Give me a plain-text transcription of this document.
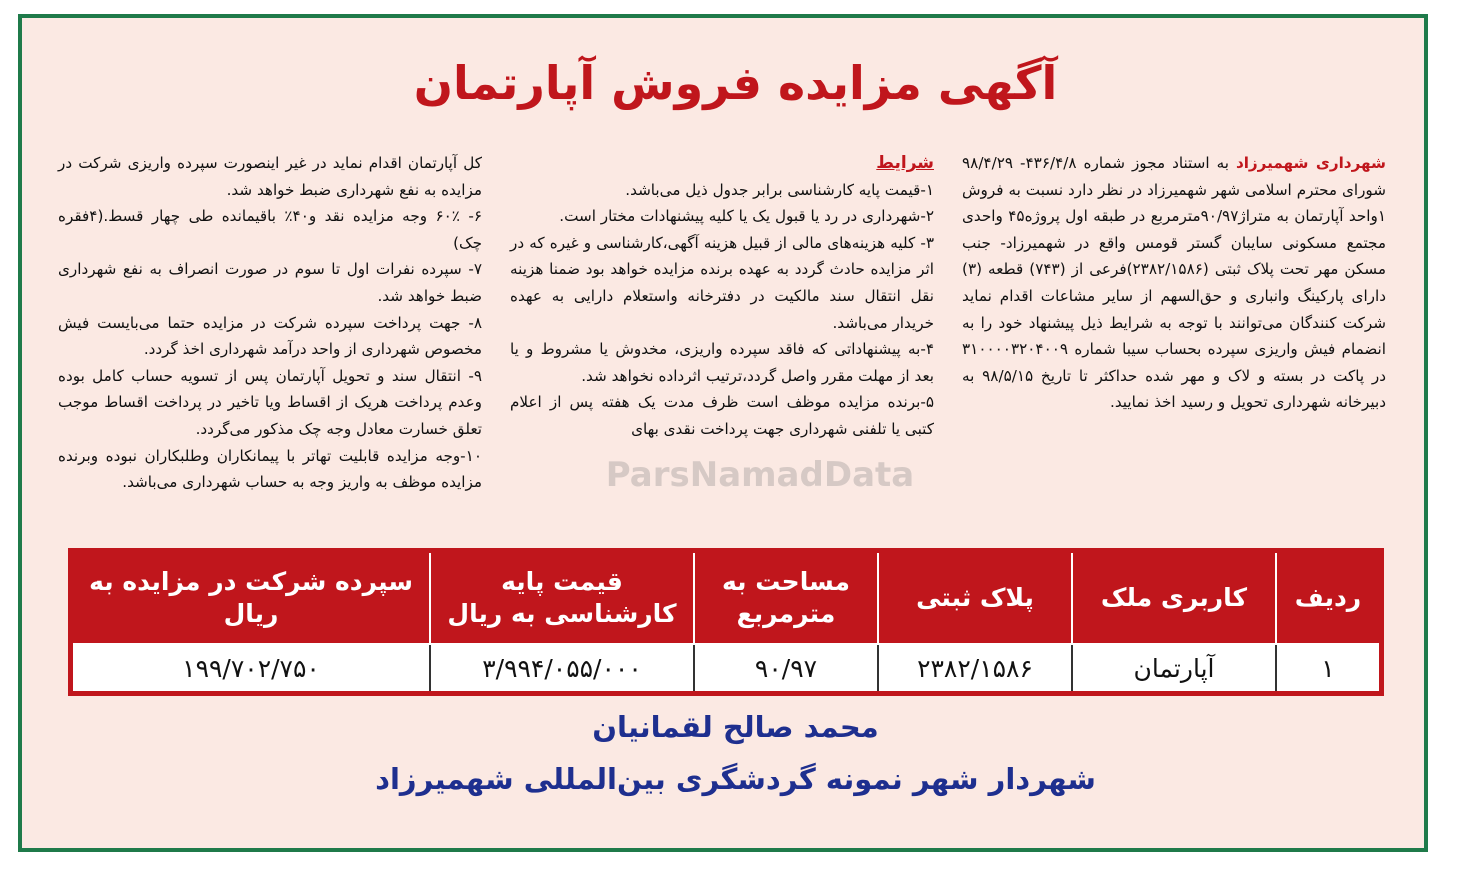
آگهی مزایده فروش آپارتمان

شهرداری شهمیرزاد به استناد مجوز شماره ۴۳۶/۴/۸- ۹۸/۴/۲۹ شورای محترم اسلامی شهر شهمیرزاد در نظر دارد نسبت به فروش ۱واحد آپارتمان به متراژ۹۰/۹۷مترمربع در طبقه اول پروژه۴۵ واحدی مجتمع مسکونی سایبان گستر قومس واقع در شهمیرزاد- جنب مسکن مهر تحت پلاک ثبتی (۲۳۸۲/۱۵۸۶)فرعی از (۷۴۳) قطعه (۳) دارای پارکینگ وانباری و حق‌السهم از سایر مشاعات اقدام نماید شرکت کنندگان می‌توانند با توجه به شرایط ذیل پیشنهاد خود را به انضمام فیش واریزی سپرده بحساب سیبا شماره ۳۱۰۰۰۰۳۲۰۴۰۰۹ در پاکت در بسته و لاک و مهر شده حداکثر تا تاریخ ۹۸/۵/۱۵ به دبیرخانه شهرداری تحویل و رسید اخذ نمایید.

شرایط

۱-قیمت پایه کارشناسی برابر جدول ذیل می‌باشد.

۲-شهرداری در رد یا قبول یک یا کلیه پیشنهادات مختار است.

۳- کلیه هزینه‌های مالی از قبیل هزینه آگهی،کارشناسی و غیره که در اثر مزایده حادث گردد به عهده برنده مزایده خواهد بود ضمنا هزینه نقل انتقال سند مالکیت در دفترخانه واستعلام دارایی به عهده خریدار می‌باشد.

۴-به پیشنهاداتی که فاقد سپرده واریزی، مخدوش یا مشروط و یا بعد از مهلت مقرر واصل گردد،ترتیب اثرداده نخواهد شد.

۵-برنده مزایده موظف است ظرف مدت یک هفته پس از اعلام کتبی یا تلفنی شهرداری جهت پرداخت نقدی بهای

کل آپارتمان اقدام نماید در غیر اینصورت سپرده واریزی شرکت در مزایده به نفع شهرداری ضبط خواهد شد.

۶- ۶۰٪ وجه مزایده نقد و۴۰٪ باقیمانده طی چهار قسط.(۴فقره چک)

۷- سپرده نفرات اول تا سوم در صورت انصراف به نفع شهرداری ضبط خواهد شد.

۸- جهت پرداخت سپرده شرکت در مزایده حتما می‌بایست فیش مخصوص شهرداری از واحد درآمد شهرداری اخذ گردد.

۹- انتقال سند و تحویل آپارتمان پس از تسویه حساب کامل بوده وعدم پرداخت هریک از اقساط ویا تاخیر در پرداخت اقساط موجب تعلق خسارت معادل وجه چک مذکور می‌گردد.

۱۰-وجه مزایده قابلیت تهاتر با پیمانکاران وطلبکاران نبوده وبرنده مزایده موظف به واریز وجه به حساب شهرداری می‌باشد.	ParsNamadData
ردیف	کاربری ملک	پلاک ثبتی	مساحت به مترمربع	قیمت پایه کارشناسی به ریال	سپرده شرکت در مزایده به ریال
۱	آپارتمان	۲۳۸۲/۱۵۸۶	۹۰/۹۷	۳/۹۹۴/۰۵۵/۰۰۰	۱۹۹/۷۰۲/۷۵۰
محمد صالح لقمانیان
شهردار شهر نمونه گردشگری بین‌المللی شهمیرزاد
